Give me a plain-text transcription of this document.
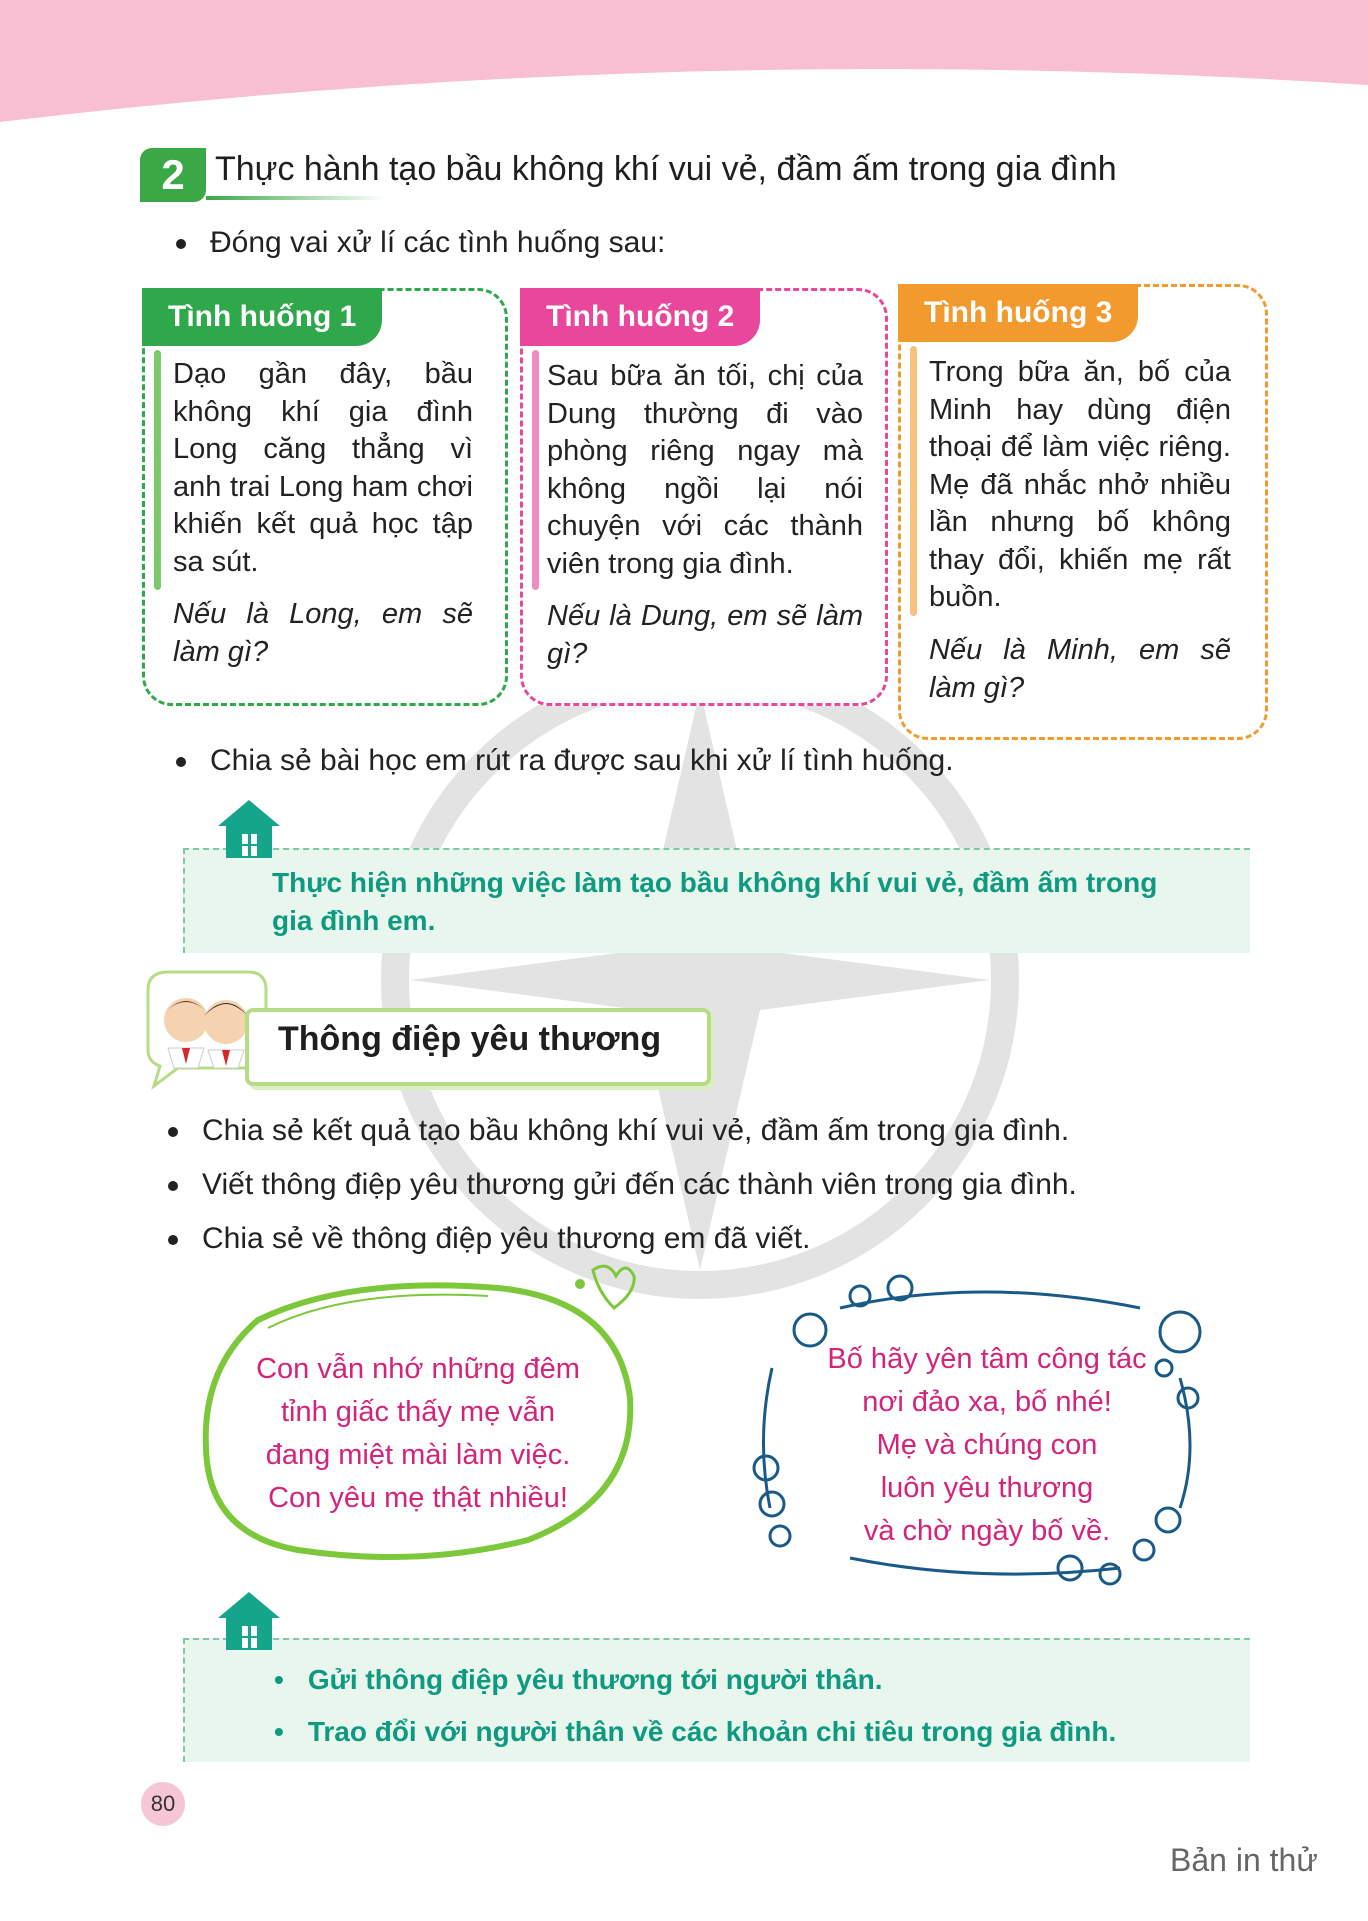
2 Thực hành tạo bầu không khí vui vẻ, đầm ấm trong gia đình
Đóng vai xử lí các tình huống sau:
Tình huống 1
Dạo gần đây, bầu không khí gia đình Long căng thẳng vì anh trai Long ham chơi khiến kết quả học tập sa sút.
Nếu là Long, em sẽ làm gì?
Tình huống 2
Sau bữa ăn tối, chị của Dung thường đi vào phòng riêng ngay mà không ngồi lại nói chuyện với các thành viên trong gia đình.
Nếu là Dung, em sẽ làm gì?
Tình huống 3
Trong bữa ăn, bố của Minh hay dùng điện thoại để làm việc riêng. Mẹ đã nhắc nhở nhiều lần nhưng bố không thay đổi, khiến mẹ rất buồn.
Nếu là Minh, em sẽ làm gì?
Chia sẻ bài học em rút ra được sau khi xử lí tình huống.
Thực hiện những việc làm tạo bầu không khí vui vẻ, đầm ấm trong
gia đình em.
Thông điệp yêu thương
Chia sẻ kết quả tạo bầu không khí vui vẻ, đầm ấm trong gia đình.
Viết thông điệp yêu thương gửi đến các thành viên trong gia đình.
Chia sẻ về thông điệp yêu thương em đã viết.
Con vẫn nhớ những đêm
tỉnh giấc thấy mẹ vẫn
đang miệt mài làm việc.
Con yêu mẹ thật nhiều!
Bố hãy yên tâm công tác
nơi đảo xa, bố nhé!
Mẹ và chúng con
luôn yêu thương
và chờ ngày bố về.
• Gửi thông điệp yêu thương tới người thân.
• Trao đổi với người thân về các khoản chi tiêu trong gia đình.
80
Bản in thử
